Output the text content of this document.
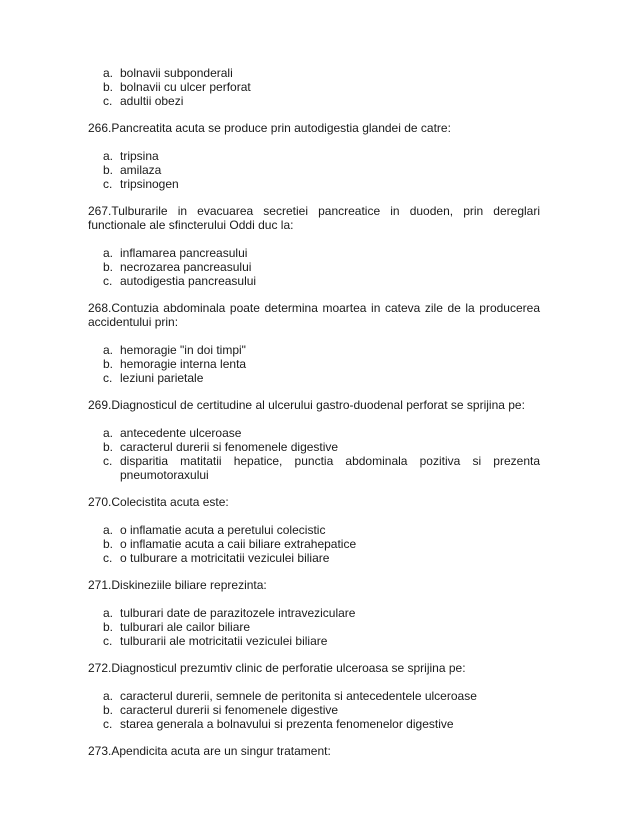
a. bolnavii subponderali
b. bolnavii cu ulcer perforat
c. adultii obezi

266.Pancreatita acuta se produce prin autodigestia glandei de catre:

a. tripsina
b. amilaza
c. tripsinogen

267.Tulburarile in evacuarea secretiei pancreatice in duoden, prin dereglari functionale ale sfincterului Oddi duc la:

a. inflamarea pancreasului
b. necrozarea pancreasului
c. autodigestia pancreasului

268.Contuzia abdominala poate determina moartea in cateva zile de la producerea accidentului prin:

a. hemoragie "in doi timpi"
b. hemoragie interna lenta
c. leziuni parietale

269.Diagnosticul de certitudine al ulcerului gastro-duodenal perforat se sprijina pe:

a. antecedente ulceroase
b. caracterul durerii si fenomenele digestive
c. disparitia matitatii hepatice, punctia abdominala pozitiva si prezenta pneumotoraxului

270.Colecistita acuta este:

a. o inflamatie acuta a peretului colecistic
b. o inflamatie acuta a caii biliare extrahepatice
c. o tulburare a motricitatii veziculei biliare

271.Diskineziile biliare reprezinta:

a. tulburari date de parazitozele intraveziculare
b. tulburari ale cailor biliare
c. tulburarii ale motricitatii veziculei biliare

272.Diagnosticul prezumtiv clinic de perforatie ulceroasa se sprijina pe:

a. caracterul durerii, semnele de peritonita si antecedentele ulceroase
b. caracterul durerii si fenomenele digestive
c. starea generala a bolnavului si prezenta fenomenelor digestive

273.Apendicita acuta are un singur tratament:
